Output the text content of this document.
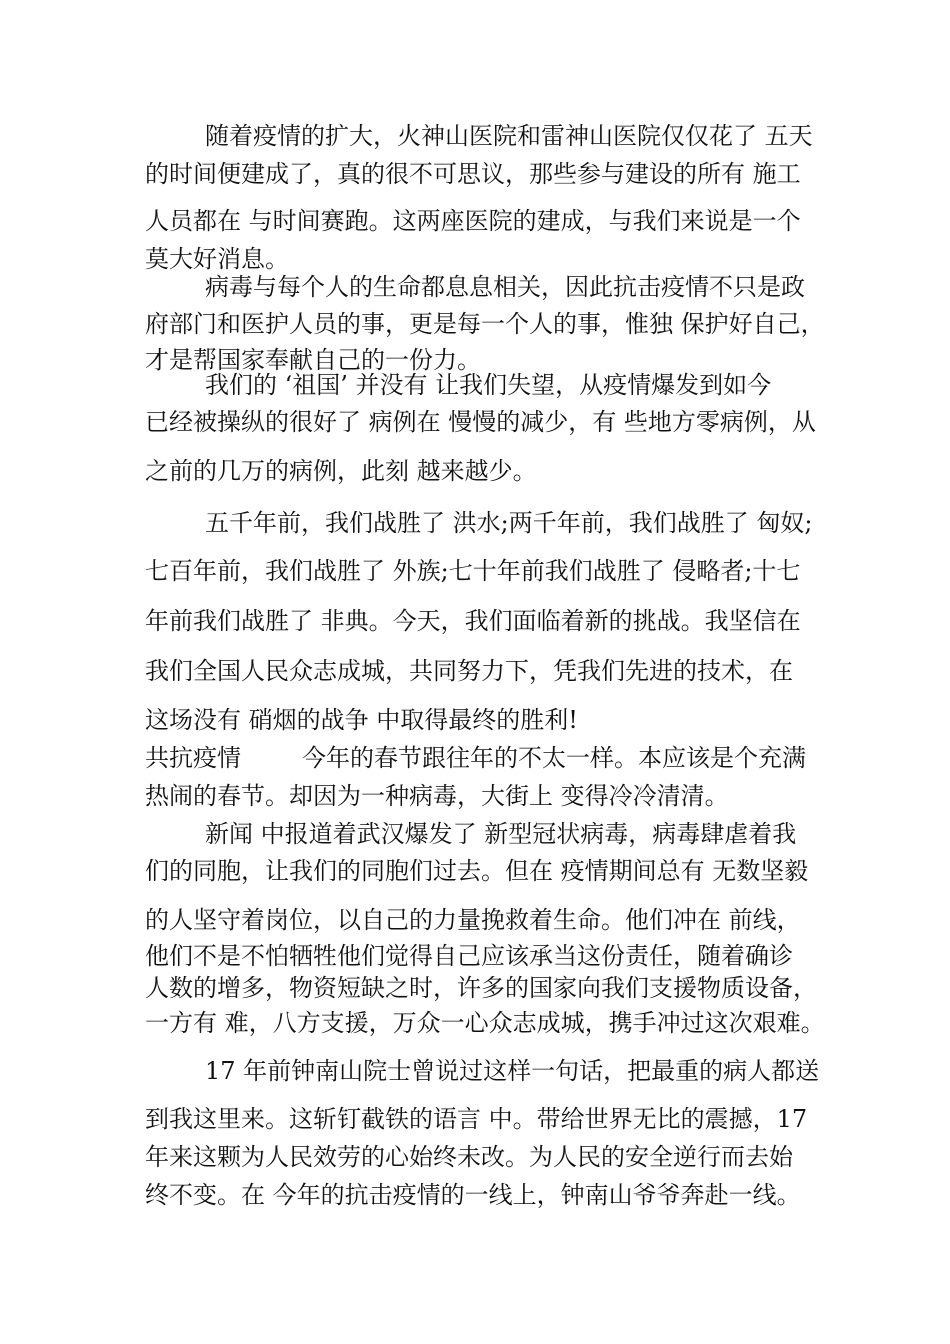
随着疫情的扩大，火神山医院和雷神山医院仅仅花了 五天
的时间便建成了，真的很不可思议，那些参与建设的所有 施工
人员都在 与时间赛跑。这两座医院的建成，与我们来说是一个
莫大好消息。
病毒与每个人的生命都息息相关，因此抗击疫情不只是政
府部门和医护人员的事，更是每一个人的事，惟独 保护好自己，
才是帮国家奉献自己的一份力。
我们的 ‘祖国’ 并没有 让我们失望，从疫情爆发到如今
已经被操纵的很好了 病例在 慢慢的减少，有 些地方零病例，从
之前的几万的病例，此刻 越来越少。
五千年前，我们战胜了 洪水;两千年前，我们战胜了 匈奴;
七百年前，我们战胜了 外族;七十年前我们战胜了 侵略者;十七
年前我们战胜了 非典。今天，我们面临着新的挑战。我坚信在
我们全国人民众志成城，共同努力下，凭我们先进的技术，在
这场没有 硝烟的战争 中取得最终的胜利!
共抗疫情        今年的春节跟往年的不太一样。本应该是个充满
热闹的春节。却因为一种病毒，大街上 变得冷冷清清。
新闻 中报道着武汉爆发了 新型冠状病毒，病毒肆虐着我
们的同胞，让我们的同胞们过去。但在 疫情期间总有 无数坚毅
的人坚守着岗位，以自己的力量挽救着生命。他们冲在 前线，
他们不是不怕牺牲他们觉得自己应该承当这份责任，随着确诊
人数的增多，物资短缺之时，许多的国家向我们支援物质设备，
一方有 难，八方支援，万众一心众志成城，携手冲过这次艰难。
17 年前钟南山院士曾说过这样一句话，把最重的病人都送
到我这里来。这斩钉截铁的语言 中。带给世界无比的震撼，17
年来这颗为人民效劳的心始终未改。为人民的安全逆行而去始
终不变。在 今年的抗击疫情的一线上，钟南山爷爷奔赴一线。
